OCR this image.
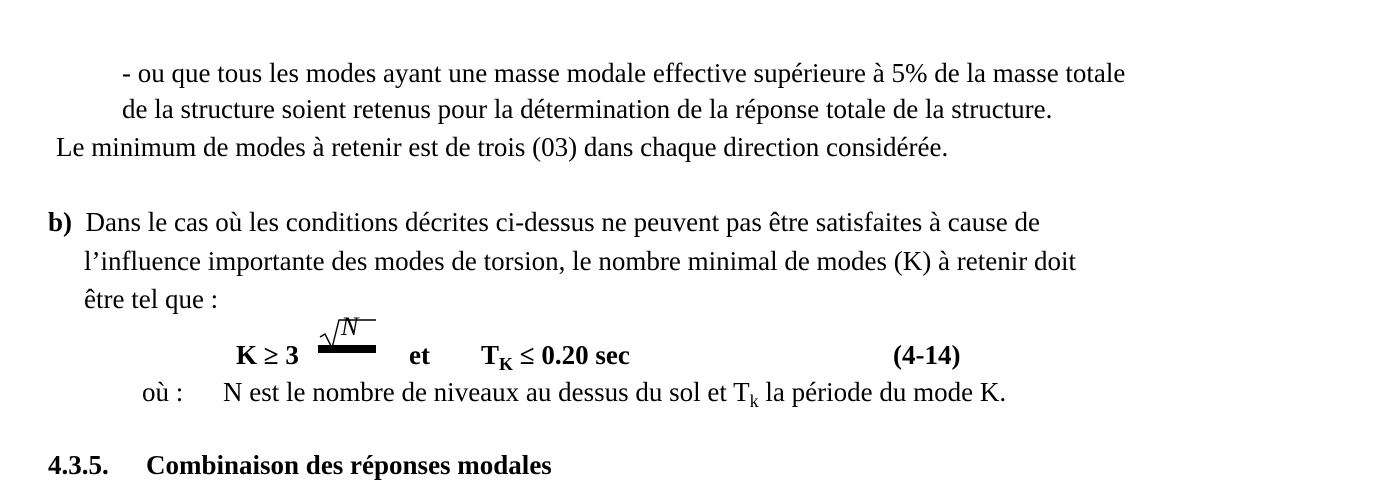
- ou que tous les modes ayant une masse modale effective supérieure à 5% de la masse totale
de la structure soient retenus pour la détermination de la réponse totale de la structure.
Le minimum de modes à retenir est de trois (03) dans chaque direction considérée.
b) Dans le cas où les conditions décrites ci-dessus ne peuvent pas être satisfaites à cause de
l’influence importante des modes de torsion, le nombre minimal de modes (K) à retenir doit
être tel que :
K ≥ 3
N
et $T_K \le 0.20$ sec	(4-14)
où : N est le nombre de niveaux au dessus du sol et $T_k$ la période du mode K.
4.3.5. Combinaison des réponses modales
